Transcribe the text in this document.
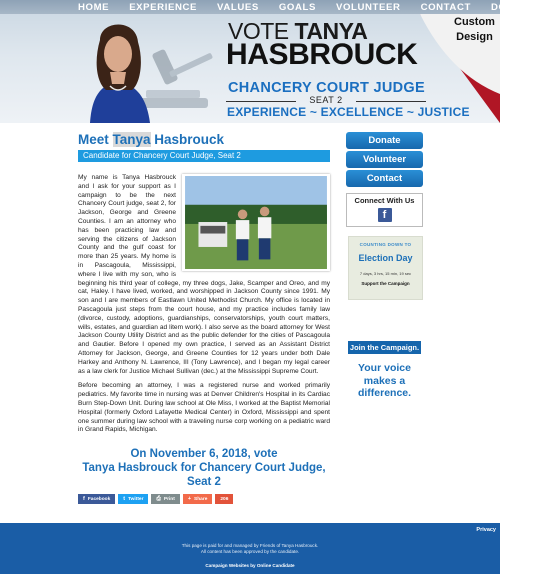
HOME EXPERIENCE VALUES GOALS VOLUNTEER CONTACT DONATE
VOTE TANYA
HASBROUCK
CHANCERY COURT JUDGE
SEAT 2
EXPERIENCE ~ EXCELLENCE ~ JUSTICE
Custom
Design
Meet Tanya Hasbrouck
Candidate for Chancery Court Judge, Seat 2

My name is Tanya Hasbrouck and I ask for your support as I campaign to be the next Chancery Court judge, seat 2, for Jackson, George and Greene Counties. I am an attorney who has been practicing law and serving the citizens of Jackson County and the gulf coast for more than 25 years. My home is in Pascagoula, Mississippi, where I live with my son, who is beginning his third year of college, my three dogs, Jake, Scamper and Oreo, and my cat, Haley. I have lived, worked, and worshipped in Jackson County since 1991. My son and I are members of Eastlawn United Methodist Church. My office is located in Pascagoula just steps from the court house, and my practice includes family law (divorce, custody, adoptions, guardianships, conservatorships, youth court matters, wills, estates, and guardian ad litem work). I also serve as the board attorney for West Jackson County Utility District and as the public defender for the cities of Pascagoula and Gautier. Before I opened my own practice, I served as an Assistant District Attorney for Jackson, George, and Greene Counties for 12 years under both Dale Harkey and Anthony N. Lawrence, III (Tony Lawrence), and I began my legal career as a law clerk for Justice Michael Sullivan (dec.) at the Mississippi Supreme Court.

Before becoming an attorney, I was a registered nurse and worked primarily pediatrics. My favorite time in nursing was at Denver Children's Hospital in its Cardiac Burn Step-Down Unit. During law school at Ole Miss, I worked at the Baptist Memorial Hospital (formerly Oxford Lafayette Medical Center) in Oxford, Mississippi and spent one summer during law school with a traveling nurse corp working on a pediatric ward in Grand Rapids, Michigan.

On November 6, 2018, vote
Tanya Hasbrouck for Chancery Court Judge,
Seat 2
f Facebook t Twitter ⎙ Print + Share	206
Donate
Volunteer
Contact
Connect With Us
f
COUNTING DOWN TO
Election Day
7 days, 3 hrs, 15 min, 19 sec
Support the Campaign
Join the Campaign.
Your voice
makes a
difference.
Privacy
This page is paid for and managed by Friends of Tanya Hasbrouck.
All content has been approved by the candidate.
Campaign Websites by Online Candidate
